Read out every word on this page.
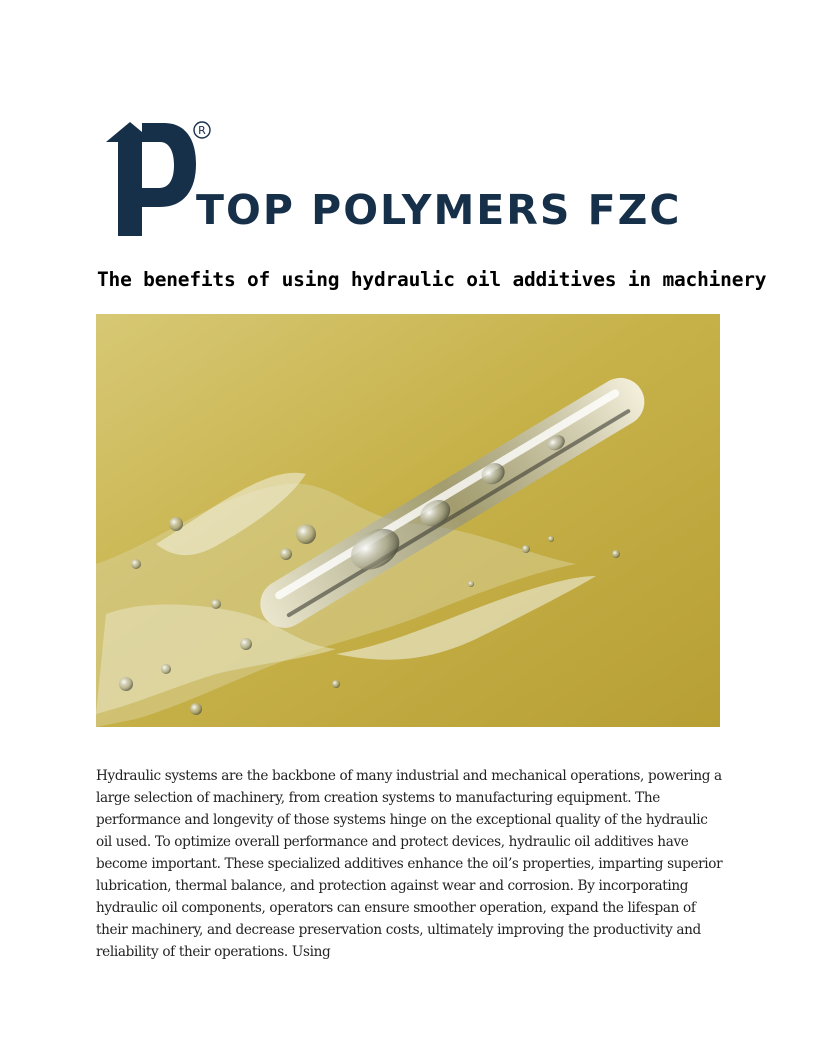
R
TOP POLYMERS FZC
The benefits of using hydraulic oil additives in machinery

Hydraulic systems are the backbone of many industrial and mechanical operations, powering a large selection of machinery, from creation systems to manufacturing equipment. The performance and longevity of those systems hinge on the exceptional quality of the hydraulic oil used. To optimize overall performance and protect devices, hydraulic oil additives have become important. These specialized additives enhance the oil’s properties, imparting superior lubrication, thermal balance, and protection against wear and corrosion. By incorporating hydraulic oil components, operators can ensure smoother operation, expand the lifespan of their machinery, and decrease preservation costs, ultimately improving the productivity and reliability of their operations. Using
